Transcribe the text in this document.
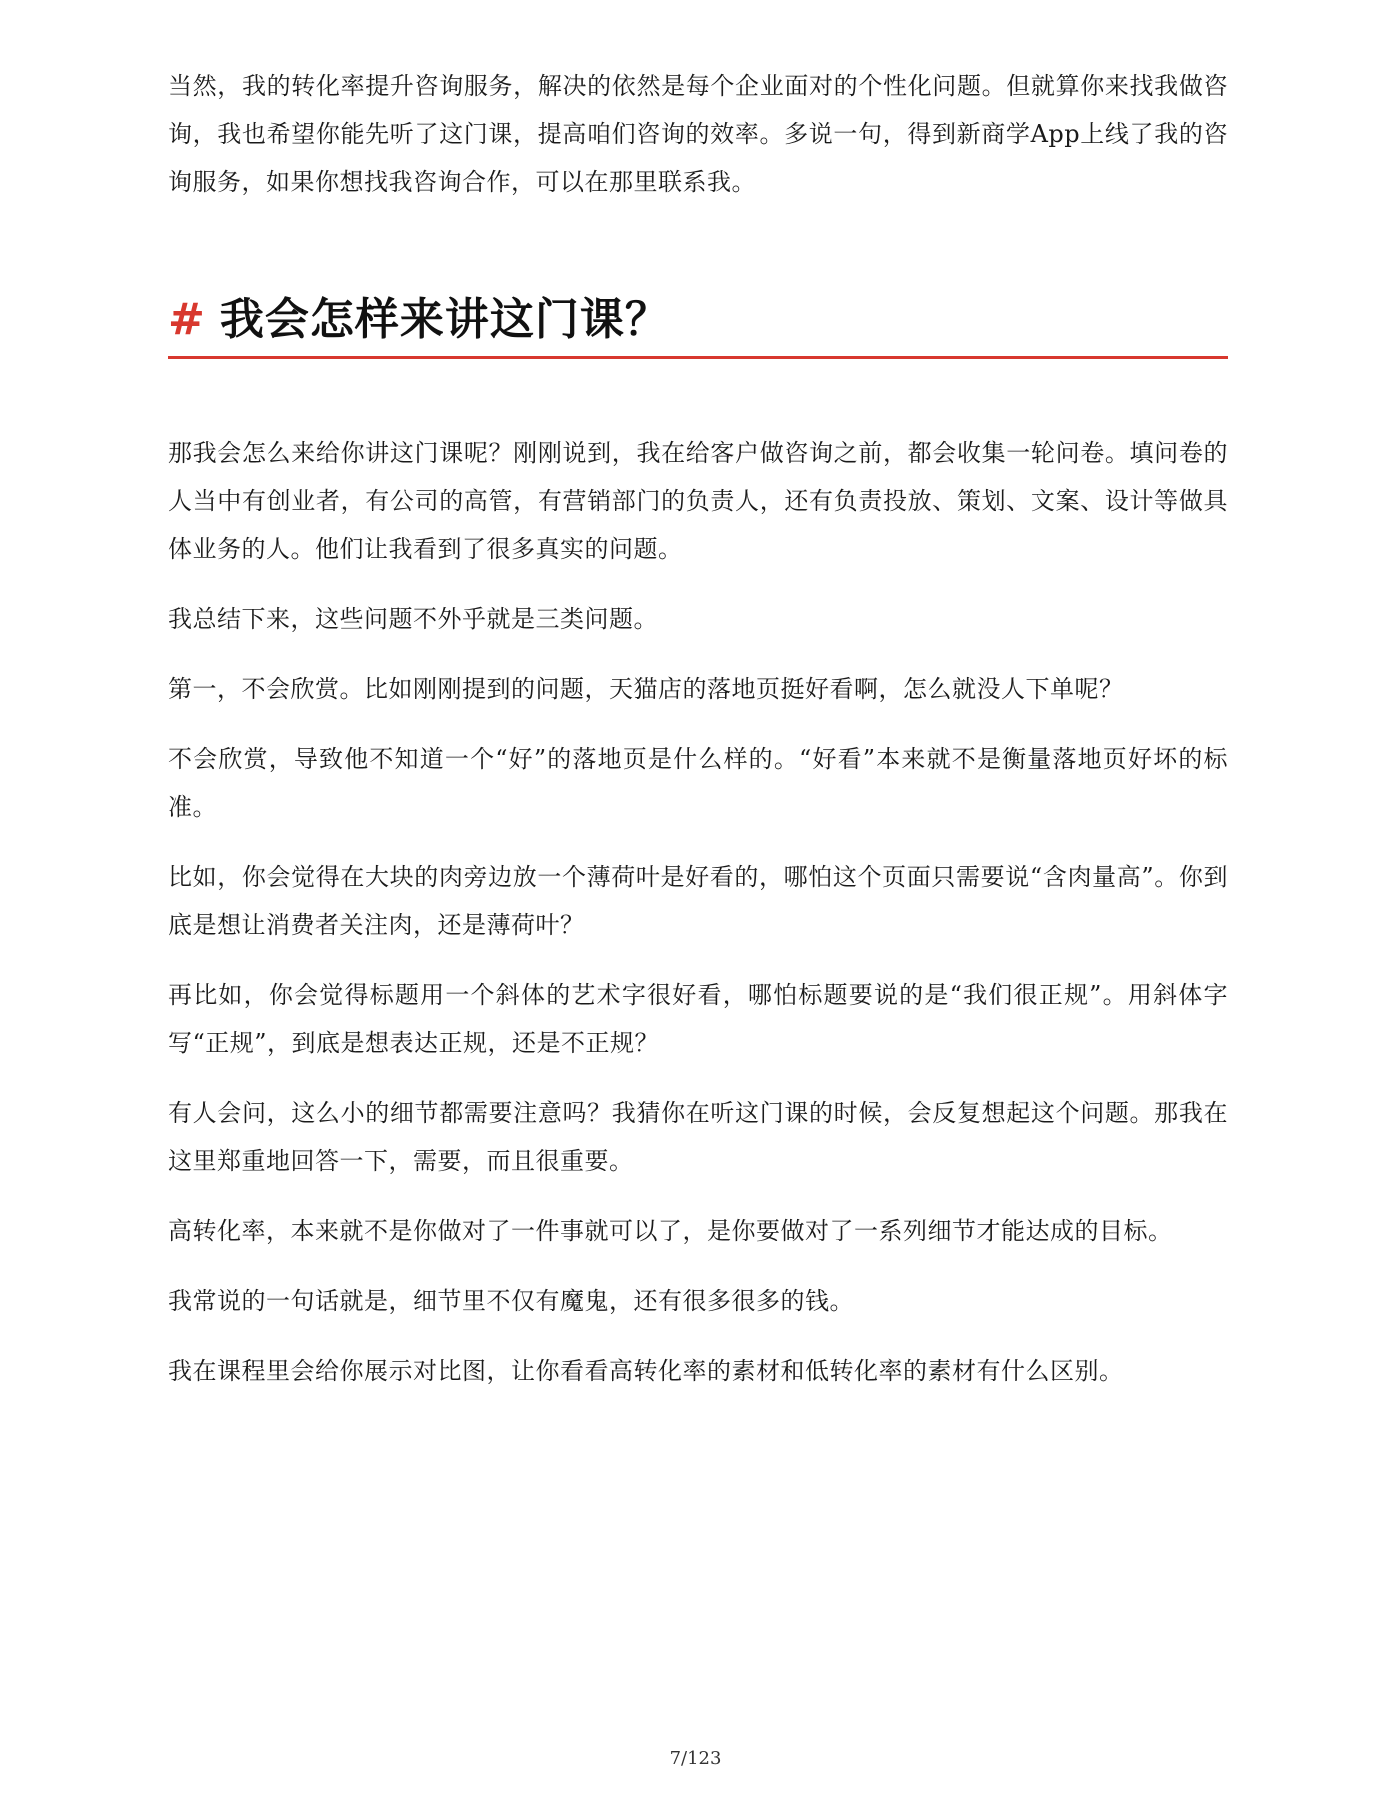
当然，我的转化率提升咨询服务，解决的依然是每个企业面对的个性化问题。但就算你来找我做咨询，我也希望你能先听了这门课，提高咱们咨询的效率。多说一句，得到新商学App上线了我的咨询服务，如果你想找我咨询合作，可以在那里联系我。

# 我会怎样来讲这门课？

那我会怎么来给你讲这门课呢？刚刚说到，我在给客户做咨询之前，都会收集一轮问卷。填问卷的人当中有创业者，有公司的高管，有营销部门的负责人，还有负责投放、策划、文案、设计等做具体业务的人。他们让我看到了很多真实的问题。

我总结下来，这些问题不外乎就是三类问题。

第一，不会欣赏。比如刚刚提到的问题，天猫店的落地页挺好看啊，怎么就没人下单呢？

不会欣赏，导致他不知道一个“好”的落地页是什么样的。“好看”本来就不是衡量落地页好坏的标准。

比如，你会觉得在大块的肉旁边放一个薄荷叶是好看的，哪怕这个页面只需要说“含肉量高”。你到底是想让消费者关注肉，还是薄荷叶？

再比如，你会觉得标题用一个斜体的艺术字很好看，哪怕标题要说的是“我们很正规”。用斜体字写“正规”，到底是想表达正规，还是不正规？

有人会问，这么小的细节都需要注意吗？我猜你在听这门课的时候，会反复想起这个问题。那我在这里郑重地回答一下，需要，而且很重要。

高转化率，本来就不是你做对了一件事就可以了，是你要做对了一系列细节才能达成的目标。

我常说的一句话就是，细节里不仅有魔鬼，还有很多很多的钱。

我在课程里会给你展示对比图，让你看看高转化率的素材和低转化率的素材有什么区别。

7/123
